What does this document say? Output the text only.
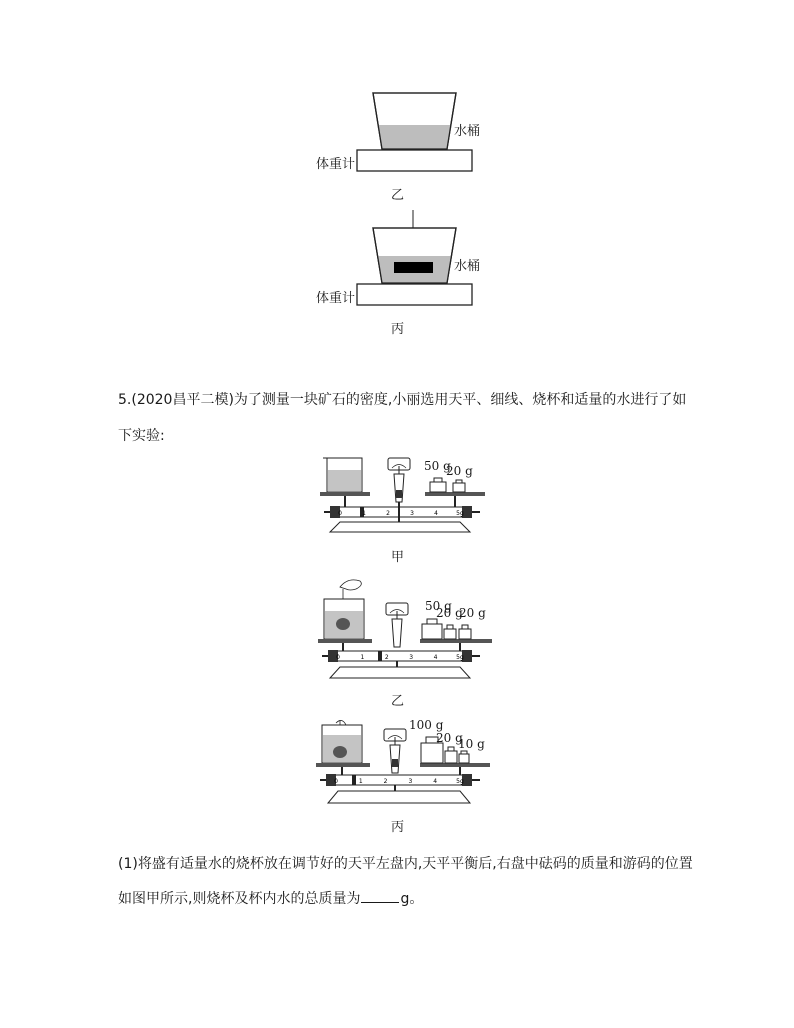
水桶
体重计
乙
水桶
体重计
丙
5.(2020昌平二模)为了测量一块矿石的密度,小丽选用天平、细线、烧杯和适量的水进行了如
下实验:
0	1	2	3	4	5g
50 g
20 g
甲
0	1	2	3	4	5g
50 g
20 g
20 g
乙
0	1	2	3	4	5g
100 g
20 g
10 g
丙
(1)将盛有适量水的烧杯放在调节好的天平左盘内,天平平衡后,右盘中砝码的质量和游码的位置
如图甲所示,则烧杯及杯内水的总质量为	g。
